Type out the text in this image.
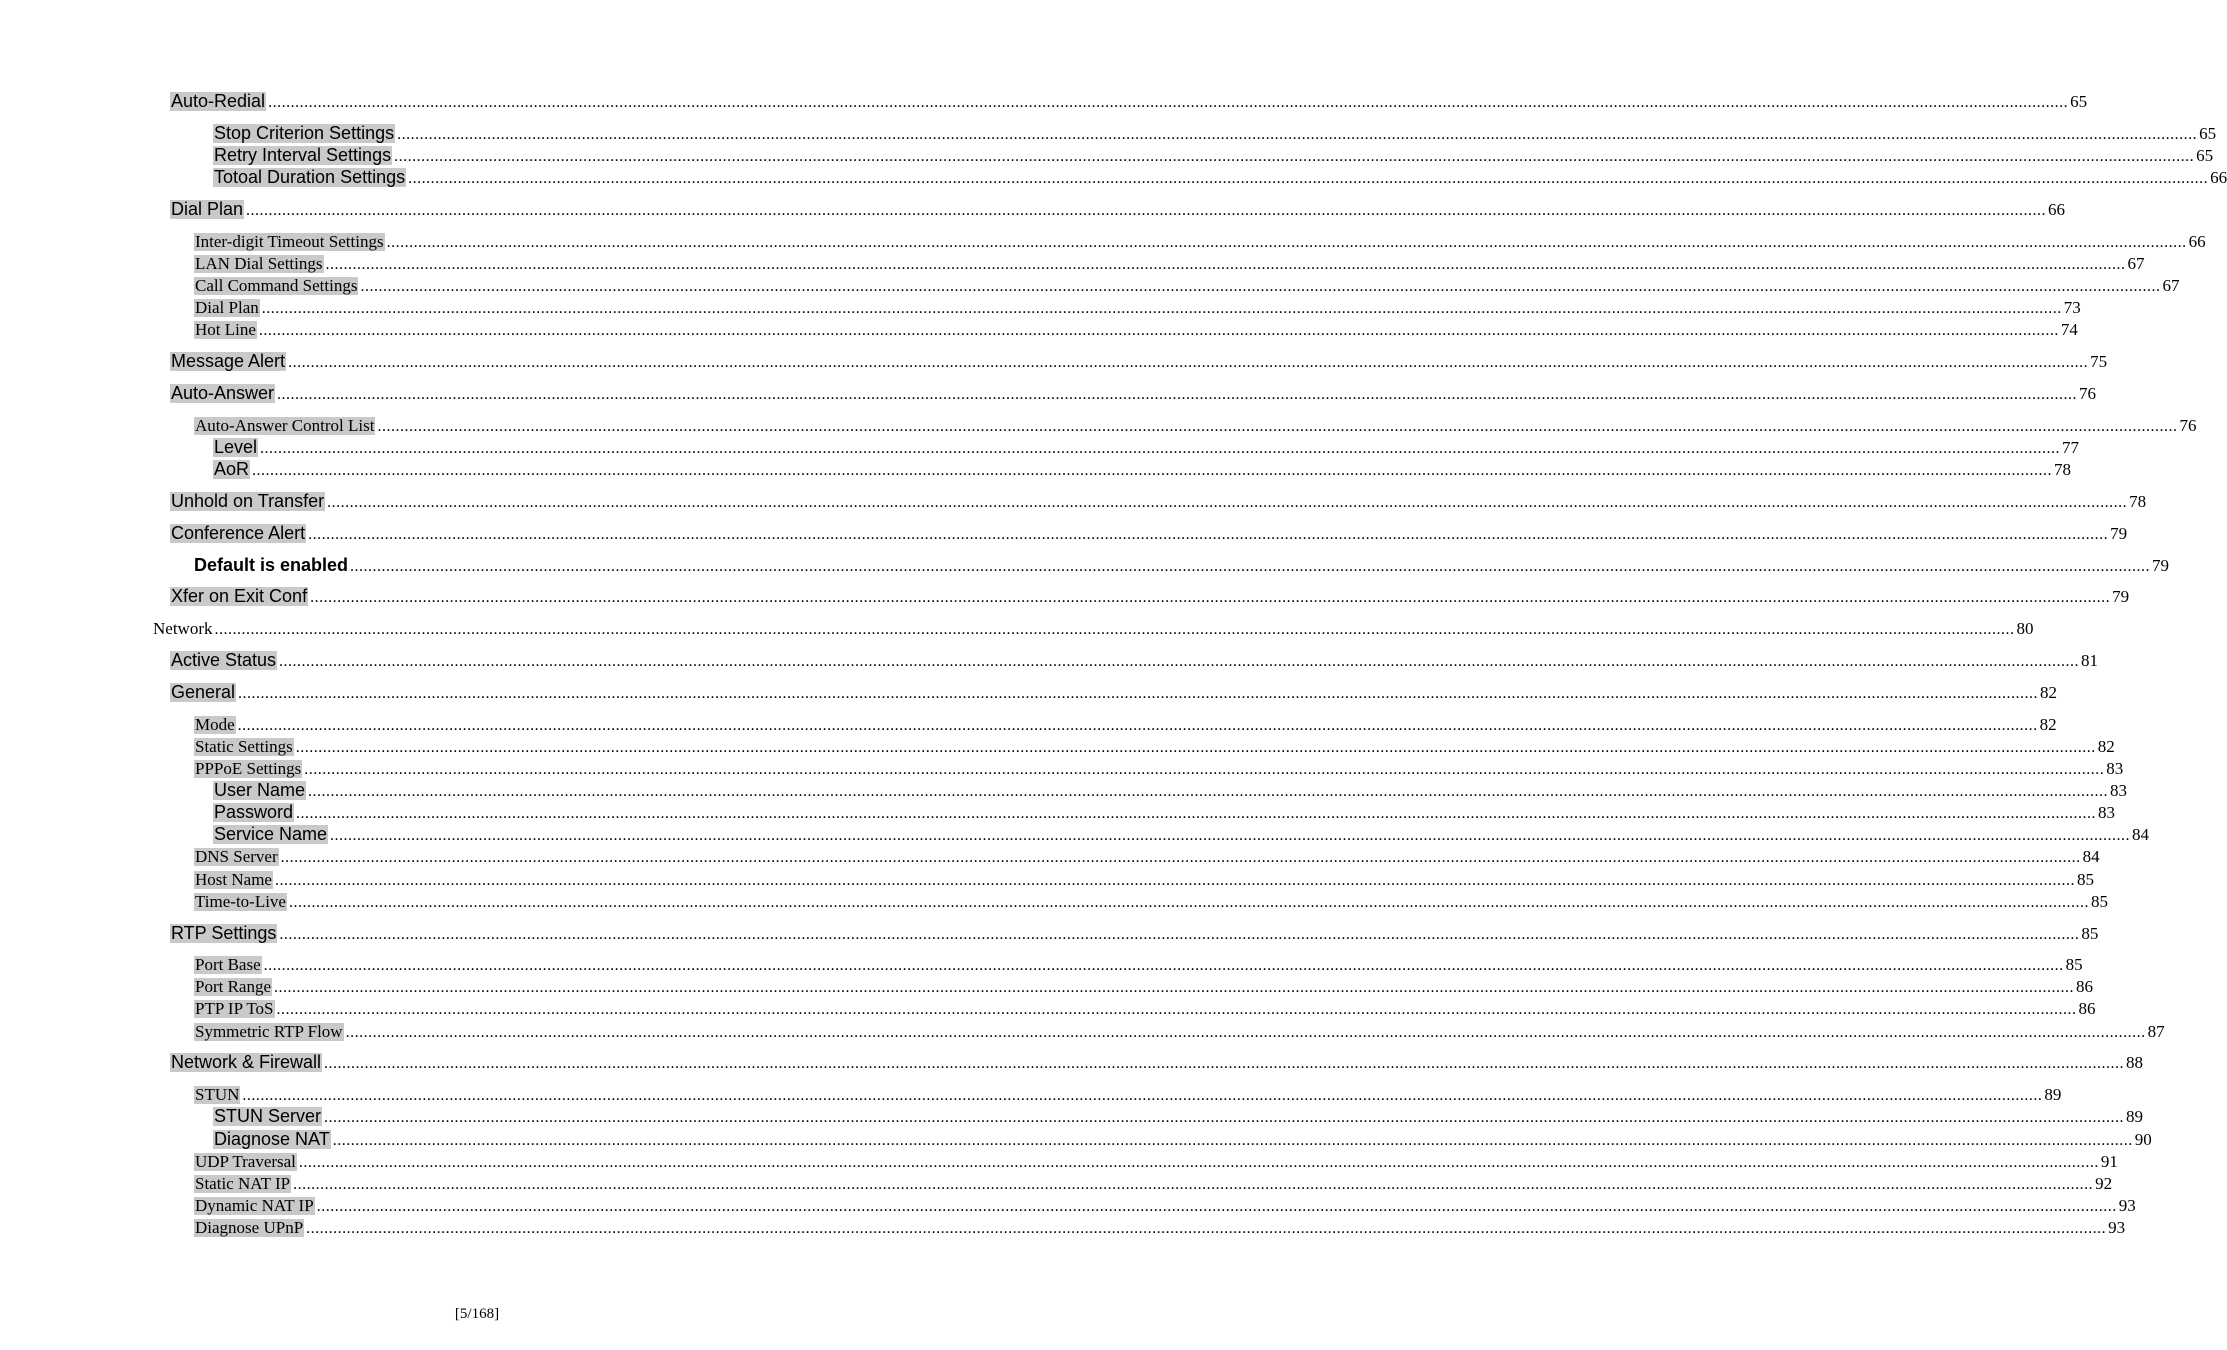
Auto-Redial ................................................................................................................................................................................................................................................................................................................................................................................................................ 65
Stop Criterion Settings ................................................................................................................................................................................................................................................................................................................................................................................................................ 65
Retry Interval Settings ................................................................................................................................................................................................................................................................................................................................................................................................................ 65
Totoal Duration Settings ................................................................................................................................................................................................................................................................................................................................................................................................................ 66
Dial Plan ................................................................................................................................................................................................................................................................................................................................................................................................................ 66
Inter-digit Timeout Settings ................................................................................................................................................................................................................................................................................................................................................................................................................ 66
LAN Dial Settings ................................................................................................................................................................................................................................................................................................................................................................................................................ 67
Call Command Settings ................................................................................................................................................................................................................................................................................................................................................................................................................ 67
Dial Plan ................................................................................................................................................................................................................................................................................................................................................................................................................ 73
Hot Line ................................................................................................................................................................................................................................................................................................................................................................................................................ 74
Message Alert ................................................................................................................................................................................................................................................................................................................................................................................................................ 75
Auto-Answer ................................................................................................................................................................................................................................................................................................................................................................................................................ 76
Auto-Answer Control List ................................................................................................................................................................................................................................................................................................................................................................................................................ 76
Level ................................................................................................................................................................................................................................................................................................................................................................................................................ 77
AoR ................................................................................................................................................................................................................................................................................................................................................................................................................ 78
Unhold on Transfer ................................................................................................................................................................................................................................................................................................................................................................................................................ 78
Conference Alert ................................................................................................................................................................................................................................................................................................................................................................................................................ 79
Default is enabled ................................................................................................................................................................................................................................................................................................................................................................................................................ 79
Xfer on Exit Conf ................................................................................................................................................................................................................................................................................................................................................................................................................ 79
Network ................................................................................................................................................................................................................................................................................................................................................................................................................ 80
Active Status ................................................................................................................................................................................................................................................................................................................................................................................................................ 81
General ................................................................................................................................................................................................................................................................................................................................................................................................................ 82
Mode ................................................................................................................................................................................................................................................................................................................................................................................................................ 82
Static Settings ................................................................................................................................................................................................................................................................................................................................................................................................................ 82
PPPoE Settings ................................................................................................................................................................................................................................................................................................................................................................................................................ 83
User Name ................................................................................................................................................................................................................................................................................................................................................................................................................ 83
Password ................................................................................................................................................................................................................................................................................................................................................................................................................ 83
Service Name ................................................................................................................................................................................................................................................................................................................................................................................................................ 84
DNS Server ................................................................................................................................................................................................................................................................................................................................................................................................................ 84
Host Name ................................................................................................................................................................................................................................................................................................................................................................................................................ 85
Time-to-Live ................................................................................................................................................................................................................................................................................................................................................................................................................ 85
RTP Settings ................................................................................................................................................................................................................................................................................................................................................................................................................ 85
Port Base ................................................................................................................................................................................................................................................................................................................................................................................................................ 85
Port Range ................................................................................................................................................................................................................................................................................................................................................................................................................ 86
PTP IP ToS ................................................................................................................................................................................................................................................................................................................................................................................................................ 86
Symmetric RTP Flow ................................................................................................................................................................................................................................................................................................................................................................................................................ 87
Network & Firewall ................................................................................................................................................................................................................................................................................................................................................................................................................ 88
STUN ................................................................................................................................................................................................................................................................................................................................................................................................................ 89
STUN Server ................................................................................................................................................................................................................................................................................................................................................................................................................ 89
Diagnose NAT ................................................................................................................................................................................................................................................................................................................................................................................................................ 90
UDP Traversal ................................................................................................................................................................................................................................................................................................................................................................................................................ 91
Static NAT IP ................................................................................................................................................................................................................................................................................................................................................................................................................ 92
Dynamic NAT IP ................................................................................................................................................................................................................................................................................................................................................................................................................ 93
Diagnose UPnP ................................................................................................................................................................................................................................................................................................................................................................................................................ 93
[5/168]
